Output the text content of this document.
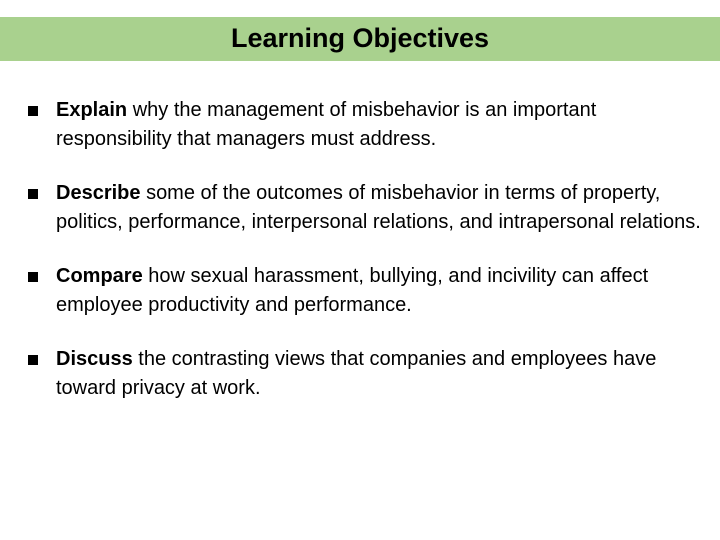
Learning Objectives
Explain why the management of misbehavior is an important responsibility that managers must address.
Describe some of the outcomes of misbehavior in terms of property, politics, performance, interpersonal relations, and intrapersonal relations.
Compare how sexual harassment, bullying, and incivility can affect employee productivity and performance.
Discuss the contrasting views that companies and employees have toward privacy at work.
